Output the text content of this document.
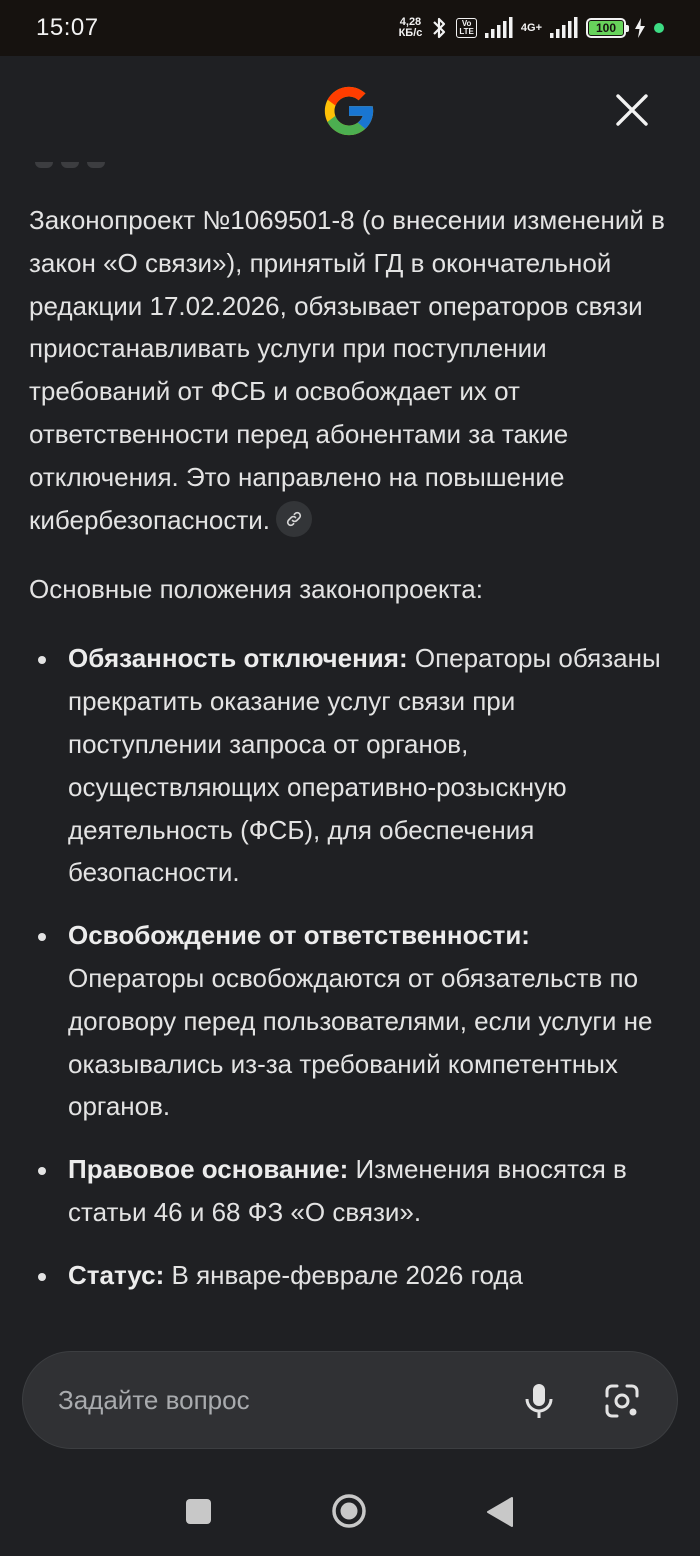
15:07	4,28
КБ/с
Vo
LTE	4G+	100

Законопроект №1069501-8 (о внесении изменений в закон «О связи»), принятый ГД в окончательной редакции 17.02.2026, обязывает операторов связи приостанавливать услуги при поступлении требований от ФСБ и освобождает их от ответственности перед абонентами за такие отключения. Это направлено на повышение кибербезопасности.

Основные положения законопроекта:

Обязанность отключения: Операторы обязаны прекратить оказание услуг связи при поступлении запроса от органов, осуществляющих оперативно-розыскную деятельность (ФСБ), для обеспечения безопасности.
Освобождение от ответственности: Операторы освобождаются от обязательств по договору перед пользователями, если услуги не оказывались из-за требований компетентных органов.
Правовое основание: Изменения вносятся в статьи 46 и 68 ФЗ «О связи».
Статус: В январе-феврале 2026 года
Задайте вопрос
